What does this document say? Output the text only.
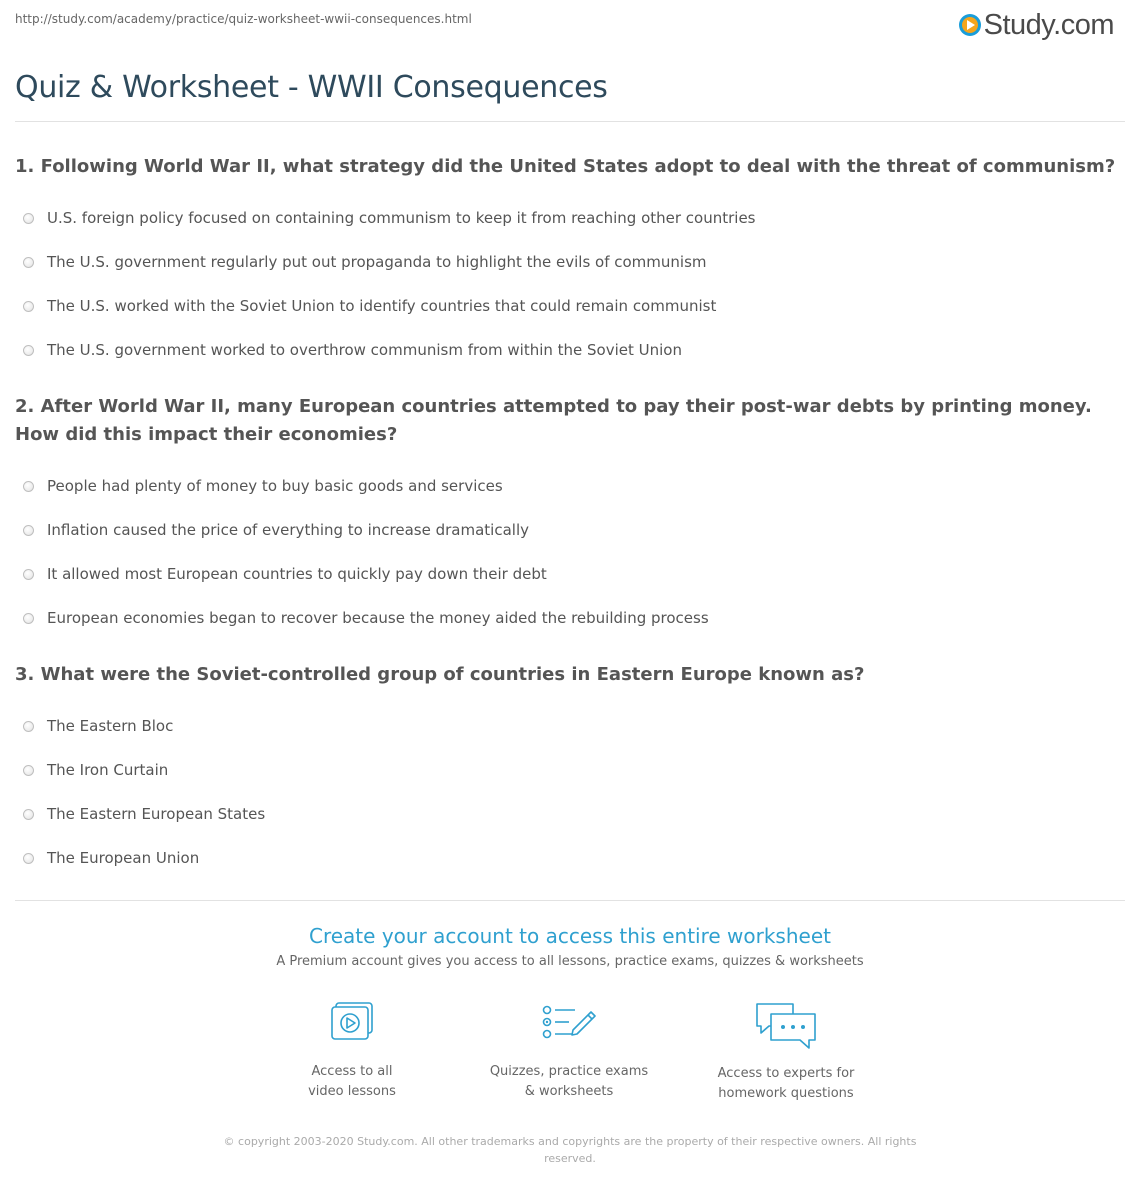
http://study.com/academy/practice/quiz-worksheet-wwii-consequences.html	Study.com
Quiz & Worksheet - WWII Consequences
1. Following World War II, what strategy did the United States adopt to deal with the threat of communism?
U.S. foreign policy focused on containing communism to keep it from reaching other countries
The U.S. government regularly put out propaganda to highlight the evils of communism
The U.S. worked with the Soviet Union to identify countries that could remain communist
The U.S. government worked to overthrow communism from within the Soviet Union
2. After World War II, many European countries attempted to pay their post-war debts by printing money. How did this impact their economies?
People had plenty of money to buy basic goods and services
Inflation caused the price of everything to increase dramatically
It allowed most European countries to quickly pay down their debt
European economies began to recover because the money aided the rebuilding process
3. What were the Soviet-controlled group of countries in Eastern Europe known as?
The Eastern Bloc
The Iron Curtain
The Eastern European States
The European Union
Create your account to access this entire worksheet
A Premium account gives you access to all lessons, practice exams, quizzes & worksheets
Access to all
video lessons
Quizzes, practice exams
& worksheets
Access to experts for
homework questions
© copyright 2003-2020 Study.com. All other trademarks and copyrights are the property of their respective owners. All rights
reserved.
